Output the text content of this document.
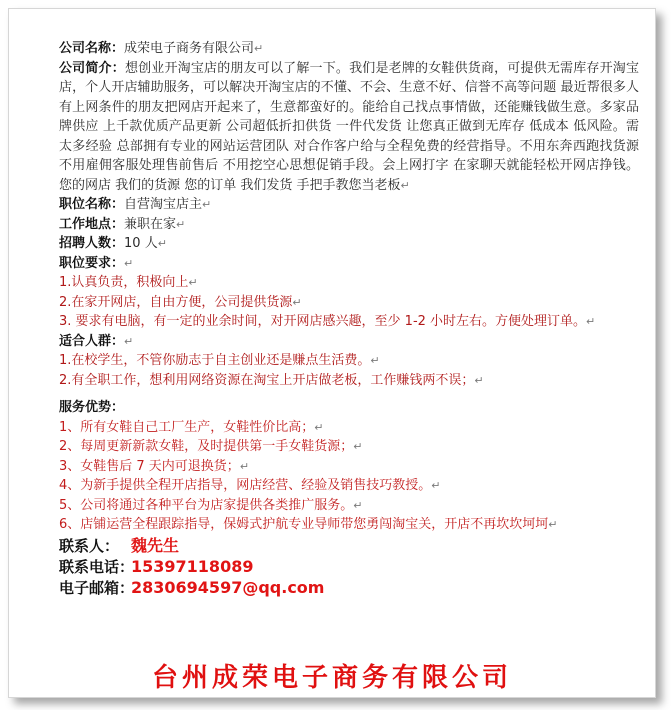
公司名称：成荣电子商务有限公司↵
公司简介：想创业开淘宝店的朋友可以了解一下。我们是老牌的女鞋供货商，可提供无需库存开淘宝店，个人开店辅助服务，可以解决开淘宝店的不懂、不会、生意不好、信誉不高等问题 最近帮很多人有上网条件的朋友把网店开起来了，生意都蛮好的。能给自己找点事情做，还能赚钱做生意。多家品牌供应 上千款优质产品更新 公司超低折扣供货 一件代发货 让您真正做到无库存 低成本 低风险。需太多经验 总部拥有专业的网站运营团队 对合作客户给与全程免费的经营指导。不用东奔西跑找货源 不用雇佣客服处理售前售后 不用挖空心思想促销手段。会上网打字 在家聊天就能轻松开网店挣钱。您的网店 我们的货源 您的订单 我们发货 手把手教您当老板↵
职位名称：自营淘宝店主↵
工作地点：兼职在家↵
招聘人数：10 人↵
职位要求：↵
1.认真负责，积极向上↵
2.在家开网店，自由方便，公司提供货源↵
3. 要求有电脑，有一定的业余时间，对开网店感兴趣，至少 1-2 小时左右。方便处理订单。↵
适合人群：↵
1.在校学生，不管你励志于自主创业还是赚点生活费。↵
2.有全职工作，想利用网络资源在淘宝上开店做老板，工作赚钱两不误；↵
服务优势：
1、所有女鞋自己工厂生产，女鞋性价比高；↵
2、每周更新新款女鞋，及时提供第一手女鞋货源；↵
3、女鞋售后 7 天内可退换货；↵
4、为新手提供全程开店指导，网店经营、经验及销售技巧教授。↵
5、公司将通过各种平台为店家提供各类推广服务。↵
6、店铺运营全程跟踪指导，保姆式护航专业导师带您勇闯淘宝关，开店不再坎坎坷坷↵
联系人： 魏先生
联系电话：15397118089
电子邮箱：2830694597@qq.com
台州成荣电子商务有限公司
